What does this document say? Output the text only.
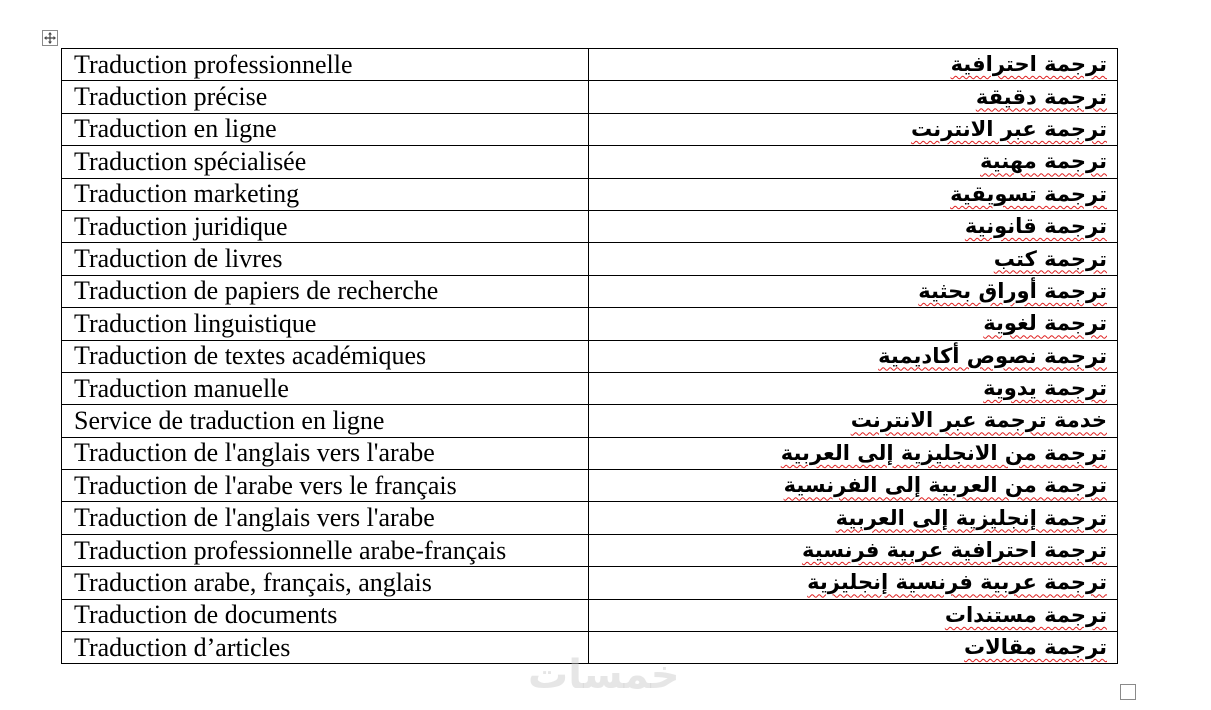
Traduction professionnelle	ترجمة احترافية
Traduction précise	ترجمة دقيقة
Traduction en ligne	ترجمة عبر الانترنت
Traduction spécialisée	ترجمة مهنية
Traduction marketing	ترجمة تسويقية
Traduction juridique	ترجمة قانونية
Traduction de livres	ترجمة كتب
Traduction de papiers de recherche	ترجمة أوراق بحثية
Traduction linguistique	ترجمة لغوية
Traduction de textes académiques	ترجمة نصوص أكاديمية
Traduction manuelle	ترجمة يدوية
Service de traduction en ligne	خدمة ترجمة عبر الانترنت
Traduction de l'anglais vers l'arabe	ترجمة من الانجليزية إلى العربية
Traduction de l'arabe vers le français	ترجمة من العربية إلى الفرنسية
Traduction de l'anglais vers l'arabe	ترجمة إنجليزية إلى العربية
Traduction professionnelle arabe-français	ترجمة احترافية عربية فرنسية
Traduction arabe, français, anglais	ترجمة عربية فرنسية إنجليزية
Traduction de documents	ترجمة مستندات
Traduction d’articles	ترجمة مقالات
خمسات
